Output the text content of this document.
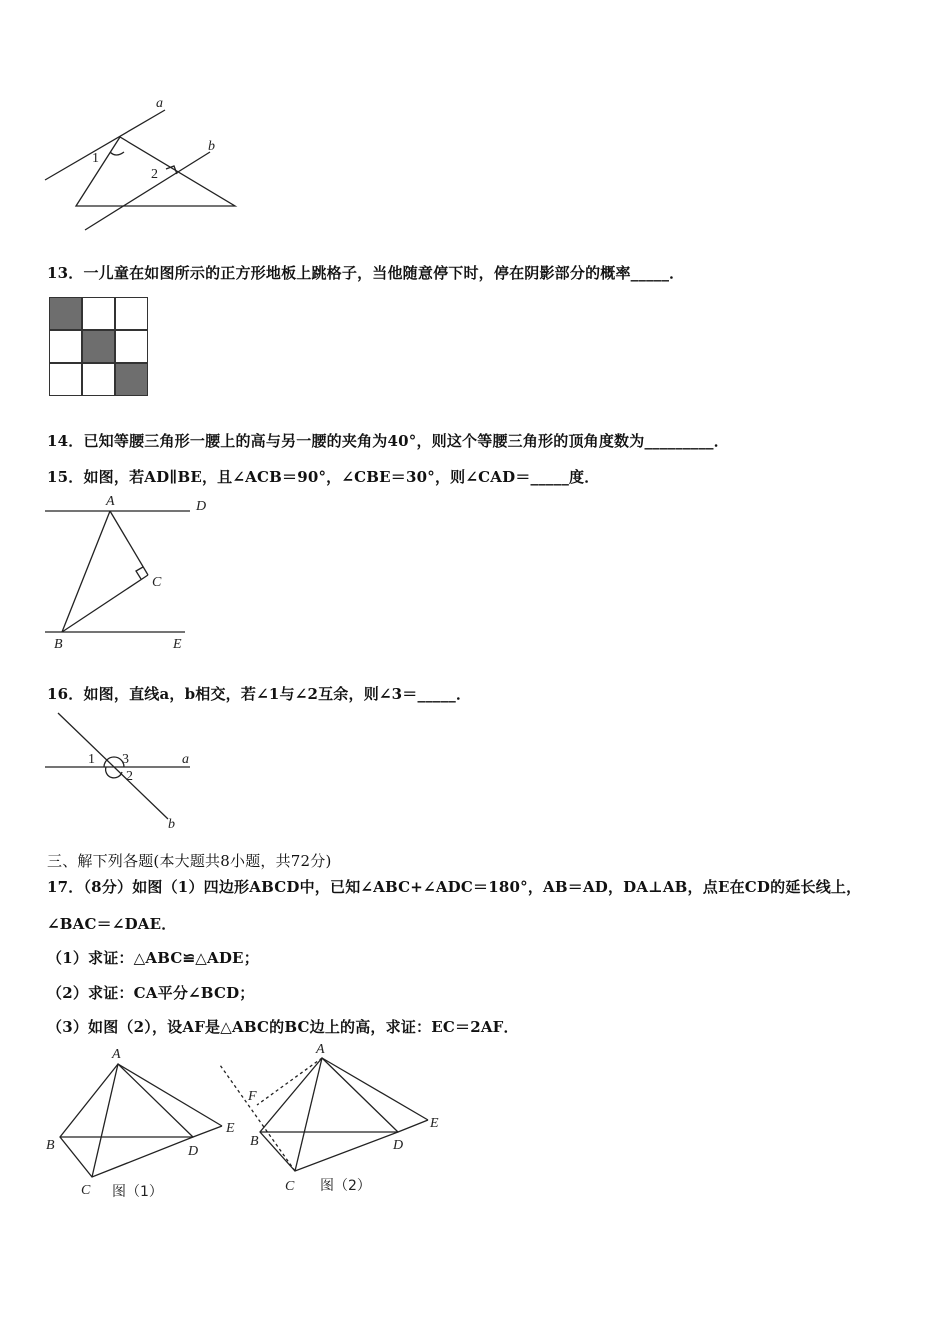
a
b
1
2
13．一儿童在如图所示的正方形地板上跳格子，当他随意停下时，停在阴影部分的概率_____．
14．已知等腰三角形一腰上的高与另一腰的夹角为40°，则这个等腰三角形的顶角度数为_________．
15．如图，若AD∥BE，且∠ACB＝90°，∠CBE＝30°，则∠CAD＝_____度．
A	D
C
B	E
16．如图，直线a，b相交，若∠1与∠2互余，则∠3＝_____．
1 3
2
a
b
三、解下列各题(本大题共8小题，共72分)
17．（8分）如图（1）四边形ABCD中，已知∠ABC+∠ADC＝180°，AB＝AD，DA⊥AB，点E在CD的延长线上，
∠BAC＝∠DAE．
（1）求证：△ABC≌△ADE；
（2）求证：CA平分∠BCD；
（3）如图（2），设AF是△ABC的BC边上的高，求证：EC＝2AF．
A
B
C
D
E
图（1）
A
F
B
C
D
E
图（2）
